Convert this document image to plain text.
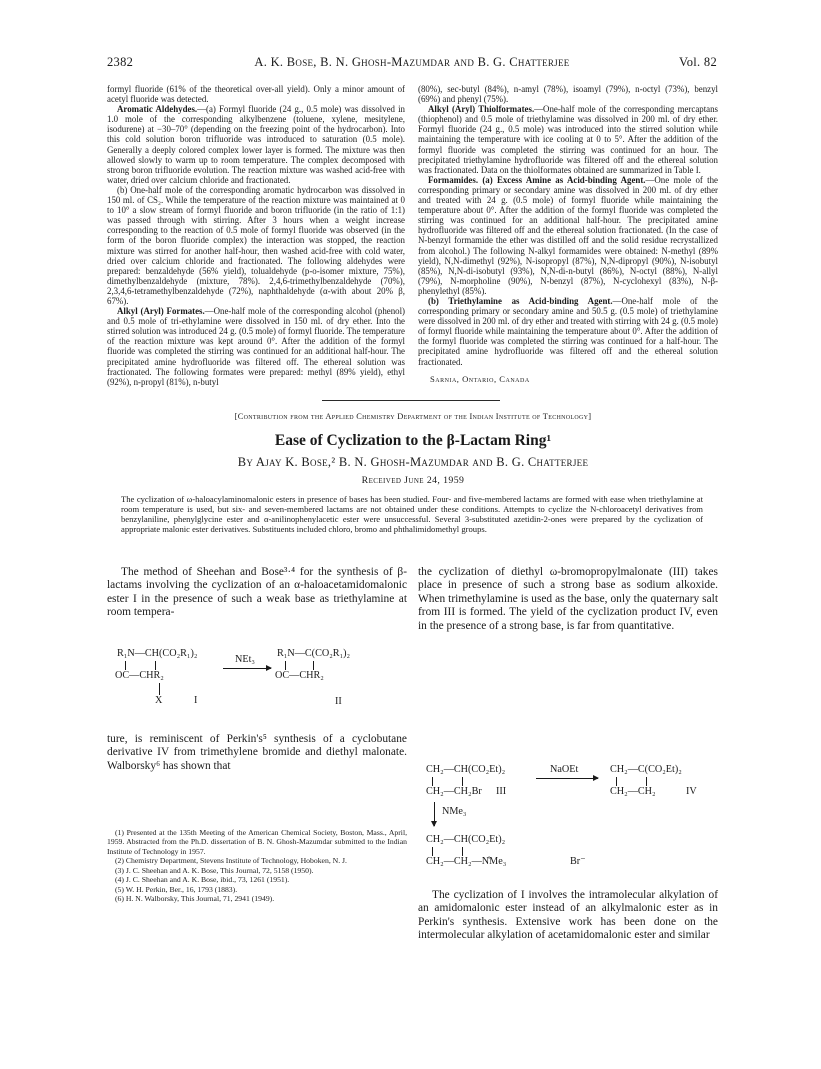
2382	A. K. Bose, B. N. Ghosh-Mazumdar and B. G. Chatterjee	Vol. 82

formyl fluoride (61% of the theoretical over-all yield). Only a minor amount of acetyl fluoride was detected.

Aromatic Aldehydes.—(a) Formyl fluoride (24 g., 0.5 mole) was dissolved in 1.0 mole of the corresponding alkylbenzene (toluene, xylene, mesitylene, isodurene) at −30–70° (depending on the freezing point of the hydrocarbon). Into this cold solution boron trifluoride was introduced to saturation (0.5 mole). Generally a deeply colored complex lower layer is formed. The mixture was then allowed slowly to warm up to room temperature. The complex decomposed with strong boron trifluoride evolution. The reaction mixture was washed acid-free with water, dried over calcium chloride and fractionated.

(b) One-half mole of the corresponding aromatic hydrocarbon was dissolved in 150 ml. of CS₂. While the temperature of the reaction mixture was maintained at 0 to 10° a slow stream of formyl fluoride and boron trifluoride (in the ratio of 1:1) was passed through with stirring. After 3 hours when a weight increase corresponding to the reaction of 0.5 mole of formyl fluoride was observed (in the form of the boron fluoride complex) the interaction was stopped, the reaction mixture was stirred for another half-hour, then washed acid-free with cold water, dried over calcium chloride and fractionated. The following aldehydes were prepared: benzaldehyde (56% yield), tolualdehyde (p-o-isomer mixture, 75%), dimethylbenzaldehyde (mixture, 78%). 2,4,6-trimethylbenzaldehyde (70%), 2,3,4,6-tetramethylbenzaldehyde (72%), naphthaldehyde (α-with about 20% β, 67%).

Alkyl (Aryl) Formates.—One-half mole of the corresponding alcohol (phenol) and 0.5 mole of tri-ethylamine were dissolved in 150 ml. of dry ether. Into the stirred solution was introduced 24 g. (0.5 mole) of formyl fluoride. The temperature of the reaction mixture was kept around 0°. After the addition of the formyl fluoride was completed the stirring was continued for an additional half-hour. The precipitated amine hydrofluoride was filtered off. The ethereal solution was fractionated. The following formates were prepared: methyl (89% yield), ethyl (92%), n-propyl (81%), n-butyl

(80%), sec-butyl (84%), n-amyl (78%), isoamyl (79%), n-octyl (73%), benzyl (69%) and phenyl (75%).

Alkyl (Aryl) Thiolformates.—One-half mole of the corresponding mercaptans (thiophenol) and 0.5 mole of triethylamine was dissolved in 200 ml. of dry ether. Formyl fluoride (24 g., 0.5 mole) was introduced into the stirred solution while maintaining the temperature with ice cooling at 0 to 5°. After the addition of the formyl fluoride was completed the stirring was continued for an hour. The precipitated triethylamine hydrofluoride was filtered off and the ethereal solution was fractionated. Data on the thiolformates obtained are summarized in Table I.

Formamides. (a) Excess Amine as Acid-binding Agent.—One mole of the corresponding primary or secondary amine was dissolved in 200 ml. of dry ether and treated with 24 g. (0.5 mole) of formyl fluoride while maintaining the temperature about 0°. After the addition of the formyl fluoride was completed the stirring was continued for an additional half-hour. The precipitated amine hydrofluoride was filtered off and the ethereal solution fractionated. (In the case of N-benzyl formamide the ether was distilled off and the solid residue recrystallized from alcohol.) The following N-alkyl formamides were obtained: N-methyl (89% yield), N,N-dimethyl (92%), N-isopropyl (87%), N,N-dipropyl (90%), N-isobutyl (85%), N,N-di-isobutyl (93%), N,N-di-n-butyl (86%), N-octyl (88%), N-allyl (79%), N-morpholine (90%), N-benzyl (87%), N-cyclohexyl (83%), N-β-phenylethyl (85%).

(b) Triethylamine as Acid-binding Agent.—One-half mole of the corresponding primary or secondary amine and 50.5 g. (0.5 mole) of triethylamine were dissolved in 200 ml. of dry ether and treated with stirring with 24 g. (0.5 mole) of formyl fluoride while maintaining the temperature about 0°. After the addition of the formyl fluoride was completed the stirring was continued for a half-hour. The precipitated amine hydrofluoride was filtered off and the ethereal solution fractionated.

Sarnia, Ontario, Canada
[Contribution from the Applied Chemistry Department of the Indian Institute of Technology]
Ease of Cyclization to the β-Lactam Ring¹
By Ajay K. Bose,² B. N. Ghosh-Mazumdar and B. G. Chatterjee
Received June 24, 1959
The cyclization of ω-haloacylaminomalonic esters in presence of bases has been studied. Four- and five-membered lactams are formed with ease when triethylamine at room temperature is used, but six- and seven-membered lactams are not obtained under these conditions. Attempts to cyclize the N-chloroacetyl derivatives from benzylaniline, phenylglycine ester and α-anilinophenylacetic ester were unsuccessful. Several 3-substituted azetidin-2-ones were prepared by the cyclization of appropriate malonic ester derivatives. Substituents included chloro, bromo and phthalimidomethyl groups.

The method of Sheehan and Bose³·⁴ for the synthesis of β-lactams involving the cyclization of an α-haloacetamidomalonic ester I in the presence of such a weak base as triethylamine at room tempera-

R₁N—CH(CO₂R₁)₂
OC—CHR₂
X	I
NEt₃
R₁N—C(CO₂R₁)₂
OC—CHR₂
II

ture, is reminiscent of Perkin's⁵ synthesis of a cyclobutane derivative IV from trimethylene bromide and diethyl malonate. Walborsky⁶ has shown that

(1) Presented at the 135th Meeting of the American Chemical Society, Boston, Mass., April, 1959. Abstracted from the Ph.D. dissertation of B. N. Ghosh-Mazumdar submitted to the Indian Institute of Technology in 1957.

(2) Chemistry Department, Stevens Institute of Technology, Hoboken, N. J.

(3) J. C. Sheehan and A. K. Bose, This Journal, 72, 5158 (1950).

(4) J. C. Sheehan and A. K. Bose, ibid., 73, 1261 (1951).

(5) W. H. Perkin, Ber., 16, 1793 (1883).

(6) H. N. Walborsky, This Journal, 71, 2941 (1949).

the cyclization of diethyl ω-bromopropylmalonate (III) takes place in presence of such a strong base as sodium alkoxide. When trimethylamine is used as the base, only the quaternary salt from III is formed. The yield of the cyclization product IV, even in the presence of a strong base, is far from quantitative.

CH₂—CH(CO₂Et)₂
CH₂—CH₂Br III
NaOEt	CH₂—C(CO₂Et)₂
CH₂—CH₂	IV
NMe₃
CH₂—CH(CO₂Et)₂
CH₂—CH₂—N̊Me₃	Br⁻

The cyclization of I involves the intramolecular alkylation of an amidomalonic ester instead of an alkylmalonic ester as in Perkin's synthesis. Extensive work has been done on the intermolecular alkylation of acetamidomalonic ester and similar
